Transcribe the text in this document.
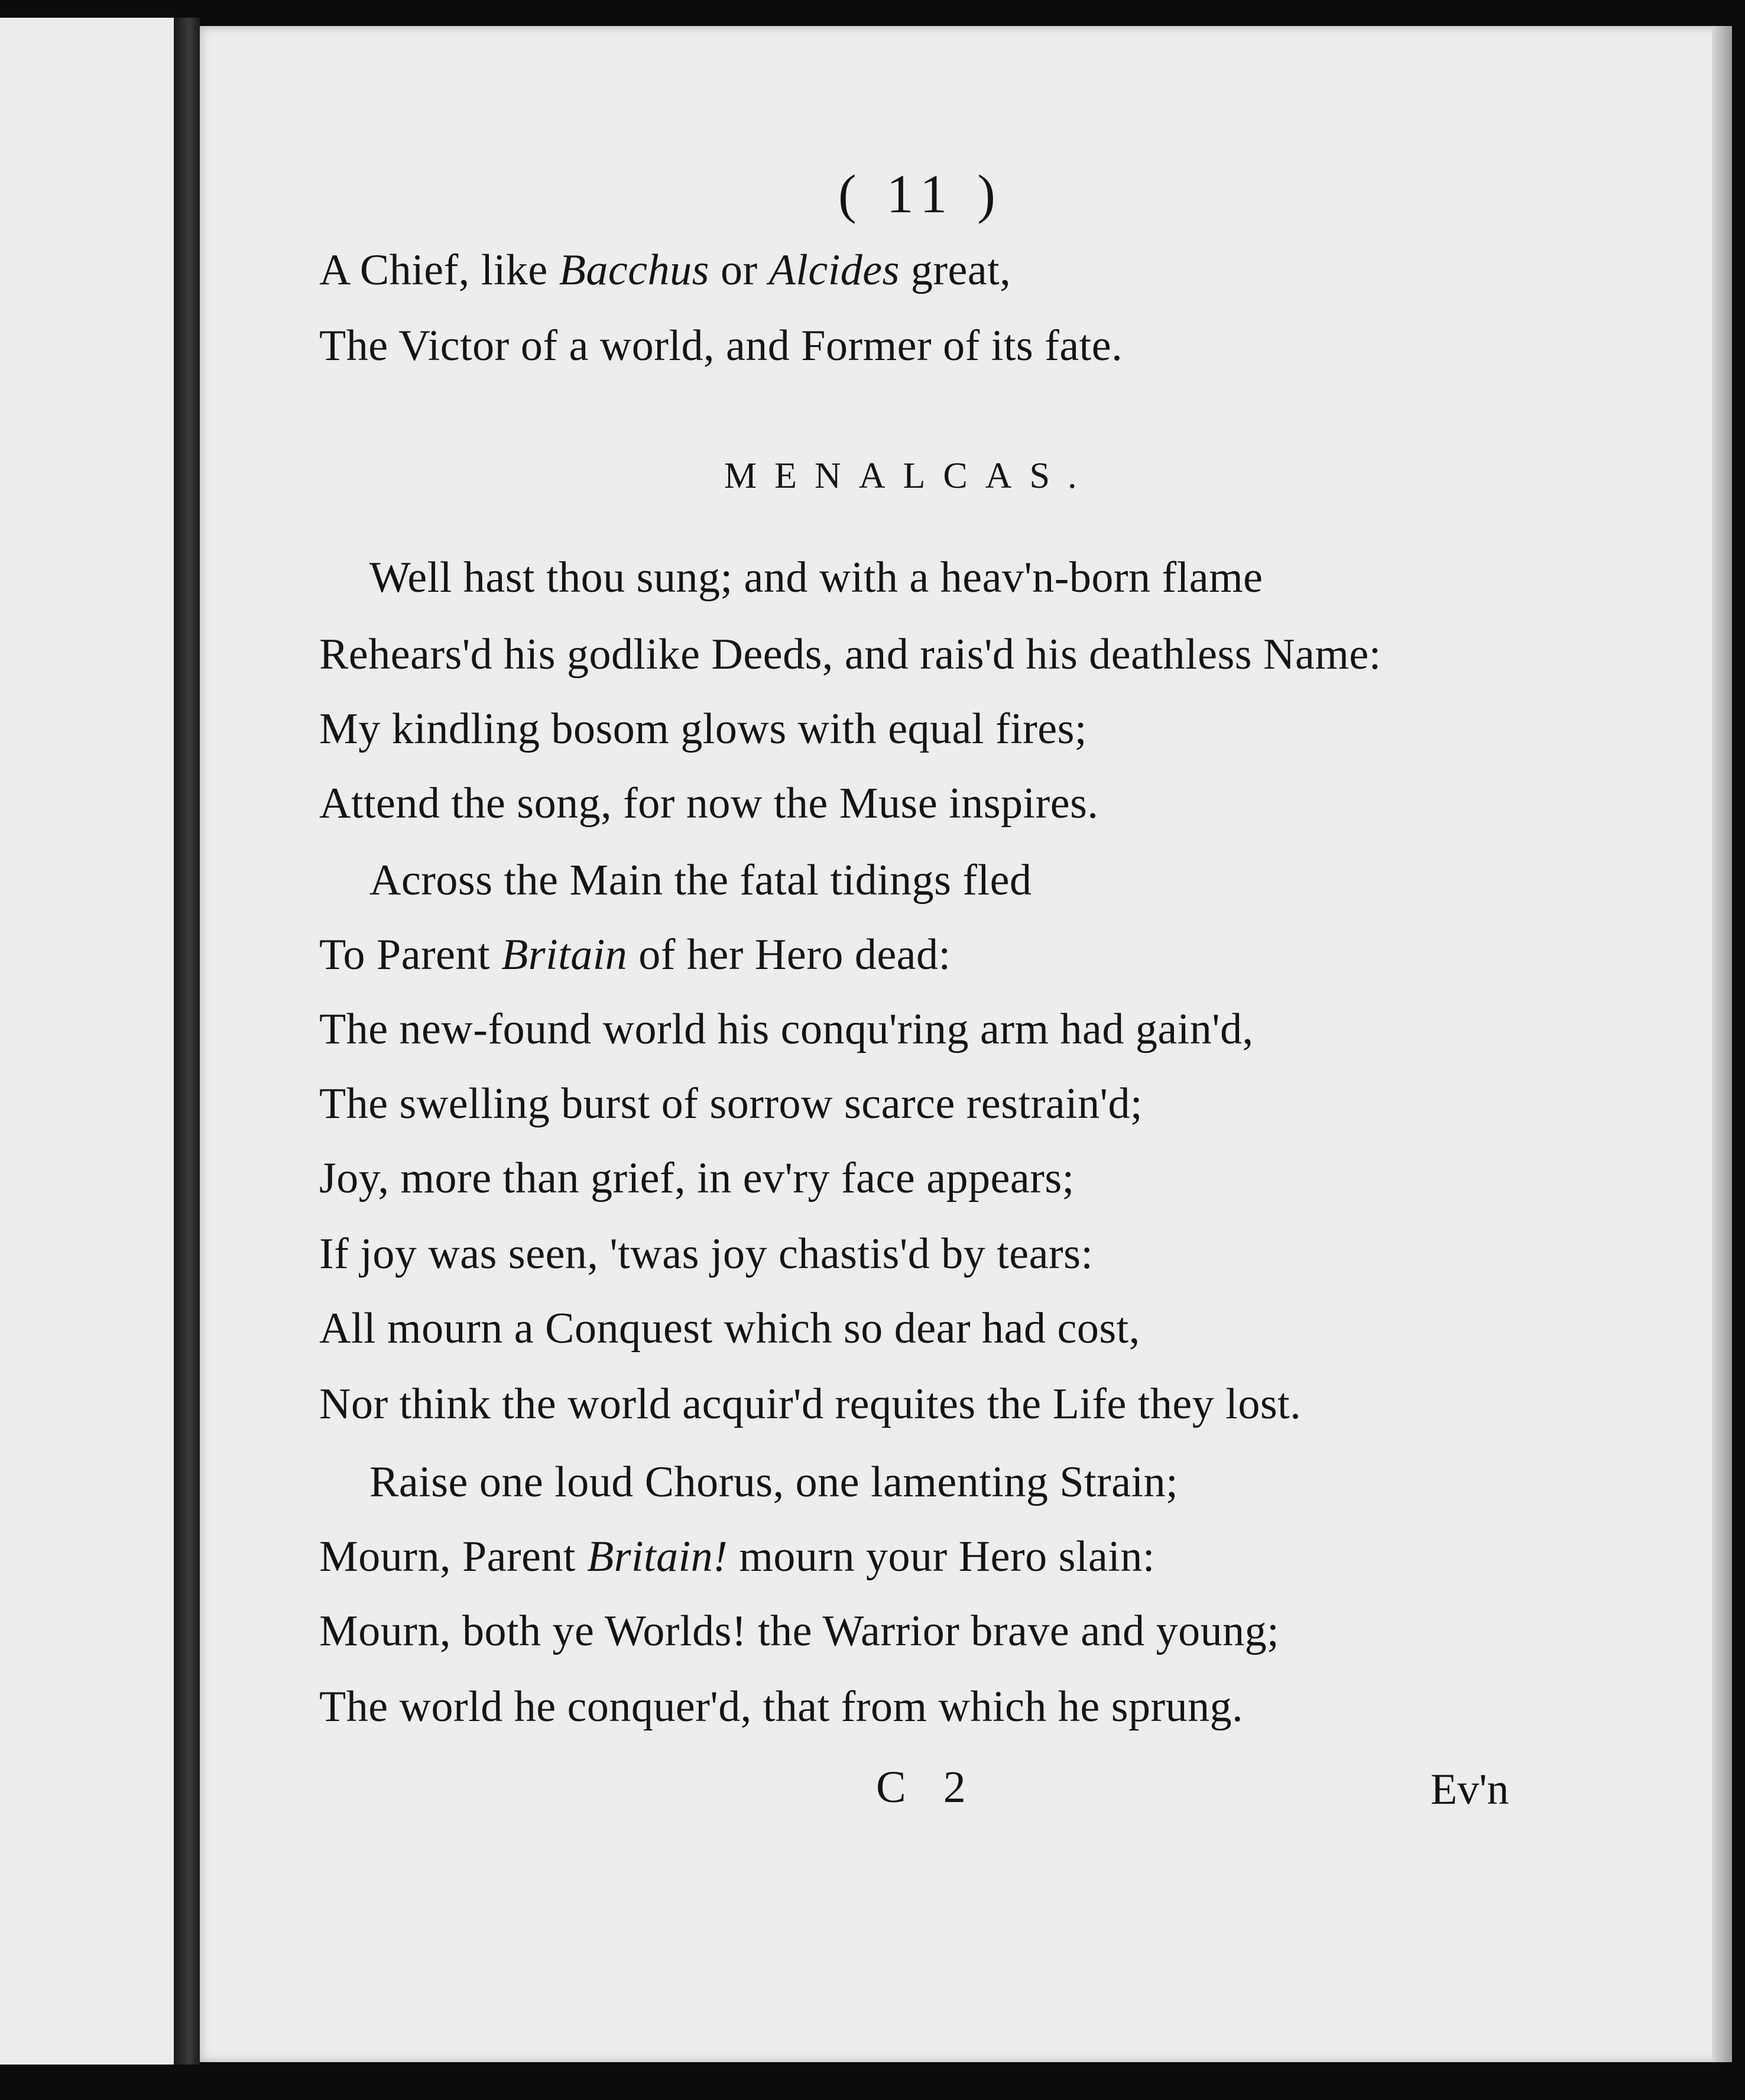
( 11 )
MENALCAS.
A Chief, like Bacchus or Alcides great,
The Victor of a world, and Former of its fate.
Well hast thou sung; and with a heav'n-born flame
Rehears'd his godlike Deeds, and rais'd his deathless Name:
My kindling bosom glows with equal fires;
Attend the song, for now the Muse inspires.
Across the Main the fatal tidings fled
To Parent Britain of her Hero dead:
The new-found world his conqu'ring arm had gain'd,
The swelling burst of sorrow scarce restrain'd;
Joy, more than grief, in ev'ry face appears;
If joy was seen, 'twas joy chastis'd by tears:
All mourn a Conquest which so dear had cost,
Nor think the world acquir'd requites the Life they lost.
Raise one loud Chorus, one lamenting Strain;
Mourn, Parent Britain! mourn your Hero slain:
Mourn, both ye Worlds! the Warrior brave and young;
The world he conquer'd, that from which he sprung.
C 2	Ev'n
